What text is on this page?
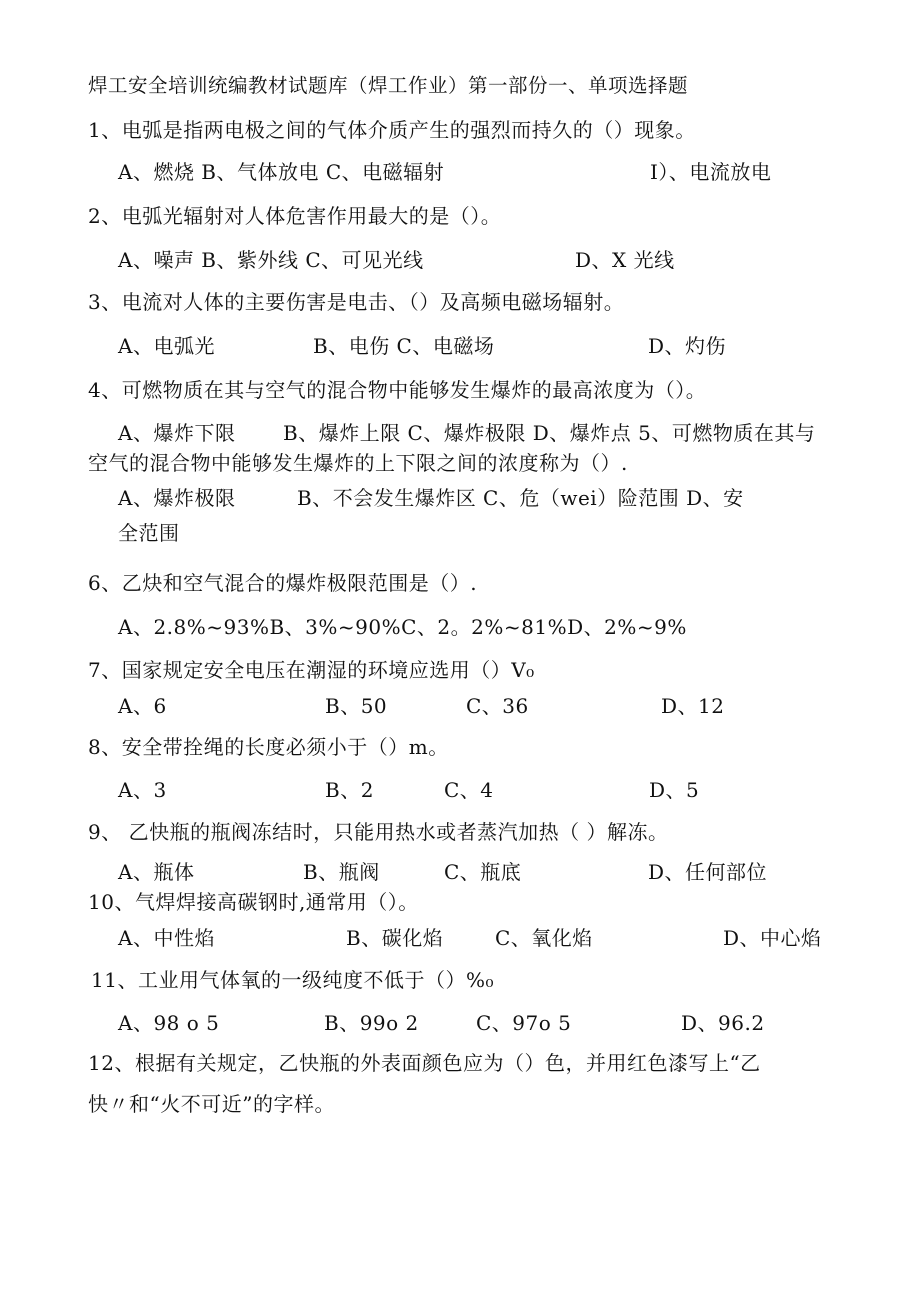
焊工安全培训统编教材试题库（焊工作业）第一部份一、单项选择题
1、电弧是指两电极之间的气体介质产生的强烈而持久的（）现象。
A、燃烧 B、气体放电 C、电磁辐射	I）、电流放电
2、电弧光辐射对人体危害作用最大的是（）。
A、噪声 B、紫外线 C、可见光线	D、X 光线
3、电流对人体的主要伤害是电击、（）及高频电磁场辐射。
A、电弧光	B、电伤 C、电磁场	D、灼伤
4、可燃物质在其与空气的混合物中能够发生爆炸的最高浓度为（）。
A、爆炸下限 B、爆炸上限 C、爆炸极限 D、爆炸点 5、可燃物质在其与
空气的混合物中能够发生爆炸的上下限之间的浓度称为（）.
A、爆炸极限	B、不会发生爆炸区 C、危（wei）险范围 D、安
全范围
6、乙炔和空气混合的爆炸极限范围是（）.
A、2.8%~93%B、3%~90%C、2。2%~81%D、2%~9%
7、国家规定安全电压在潮湿的环境应选用（）V₀
A、6	B、50	C、36	D、12
8、安全带拴绳的长度必须小于（）m。
A、3	B、2	C、4	D、5
9、 乙快瓶的瓶阀冻结时，只能用热水或者蒸汽加热（ ）解冻。
A、瓶体	B、瓶阀	C、瓶底	D、任何部位
10、气焊焊接高碳钢时,通常用（）。
A、中性焰	B、碳化焰	C、氧化焰	D、中心焰
11、工业用气体氧的一级纯度不低于（）%₀
A、98 o 5	B、99o 2	C、97o 5	D、96.2
12、根据有关规定，乙快瓶的外表面颜色应为（）色，并用红色漆写上“乙
快〃和“火不可近”的字样。
